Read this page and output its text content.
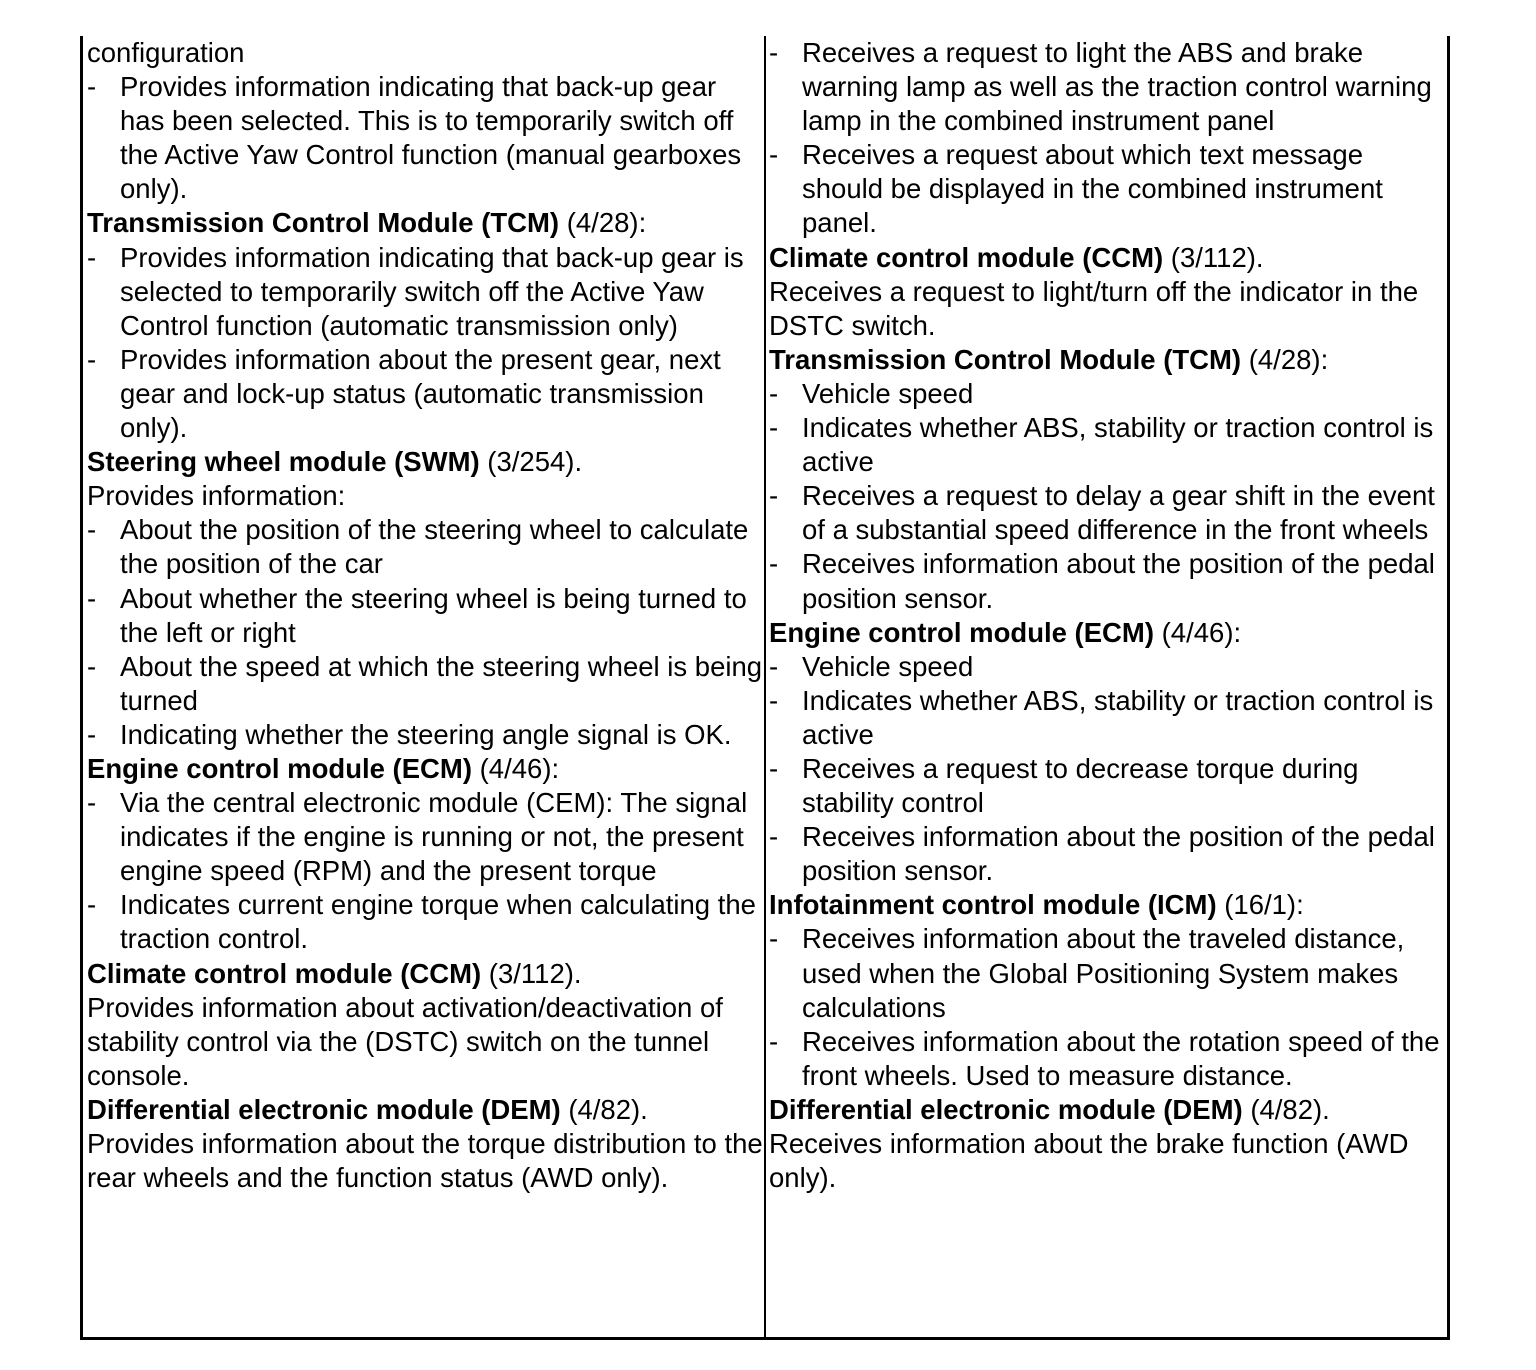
configuration

- Provides information indicating that back-up gear has been selected. This is to temporarily switch off the Active Yaw Control function (manual gearboxes only).

Transmission Control Module (TCM) (4/28):

- Provides information indicating that back-up gear is selected to temporarily switch off the Active Yaw Control function (automatic transmission only)

- Provides information about the present gear, next gear and lock-up status (automatic transmission only).

Steering wheel module (SWM) (3/254).

Provides information:

- About the position of the steering wheel to calculate the position of the car

- About whether the steering wheel is being turned to the left or right

- About the speed at which the steering wheel is being turned

- Indicating whether the steering angle signal is OK.

Engine control module (ECM) (4/46):

- Via the central electronic module (CEM): The signal indicates if the engine is running or not, the present engine speed (RPM) and the present torque

- Indicates current engine torque when calculating the traction control.

Climate control module (CCM) (3/112).

Provides information about activation/deactivation of stability control via the (DSTC) switch on the tunnel console.

Differential electronic module (DEM) (4/82).

Provides information about the torque distribution to the rear wheels and the function status (AWD only).

- Receives a request to light the ABS and brake warning lamp as well as the traction control warning lamp in the combined instrument panel

- Receives a request about which text message should be displayed in the combined instrument panel.

Climate control module (CCM) (3/112).

Receives a request to light/turn off the indicator in the DSTC switch.

Transmission Control Module (TCM) (4/28):

- Vehicle speed

- Indicates whether ABS, stability or traction control is active

- Receives a request to delay a gear shift in the event of a substantial speed difference in the front wheels

- Receives information about the position of the pedal position sensor.

Engine control module (ECM) (4/46):

- Vehicle speed

- Indicates whether ABS, stability or traction control is active

- Receives a request to decrease torque during stability control

- Receives information about the position of the pedal position sensor.

Infotainment control module (ICM) (16/1):

- Receives information about the traveled distance, used when the Global Positioning System makes calculations

- Receives information about the rotation speed of the front wheels. Used to measure distance.

Differential electronic module (DEM) (4/82).

Receives information about the brake function (AWD only).
